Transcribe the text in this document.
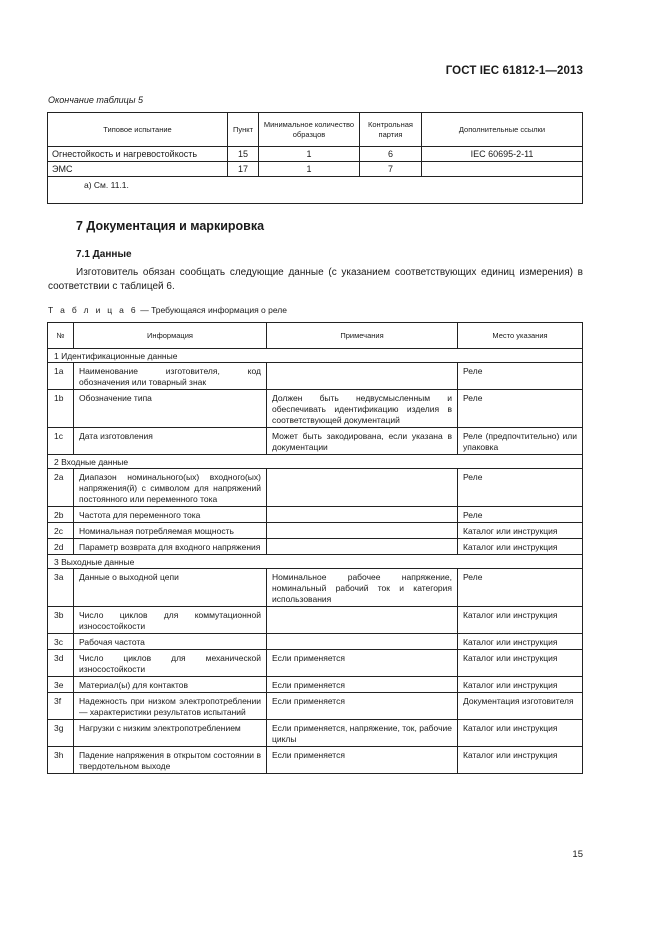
ГОСТ IEC 61812-1—2013
Окончание таблицы 5
Типовое испытание	Пункт	Минимальное количество образцов	Контрольная партия	Дополнительные ссылки
Огнестойкость и нагревостойкость	15	1	6	IEC 60695-2-11
ЭМС	17	1	7	
а) См. 11.1.				
7 Документация и маркировка
7.1 Данные
Изготовитель обязан сообщать следующие данные (с указанием соответствующих единиц измерения) в соответствии с таблицей 6.
Т а б л и ц а 6 — Требующаяся информация о реле
№	Информация	Примечания	Место указания
1 Идентификационные данные			
1a	Наименование изготовителя, код обозначения или товарный знак		Реле
1b	Обозначение типа	Должен быть недвусмысленным и обеспечивать идентификацию изделия в соответствующей документаций	Реле
1c	Дата изготовления	Может быть закодирована, если указана в документации	Реле (предпочтительно) или упаковка
2 Входные данные			
2a	Диапазон номинального(ых) входного(ых) напряжения(й) с символом для напряжений постоянного или переменного тока		Реле
2b	Частота для переменного тока		Реле
2c	Номинальная потребляемая мощность		Каталог или инструкция
2d	Параметр возврата для входного напряжения		Каталог или инструкция
3 Выходные данные			
3a	Данные о выходной цепи	Номинальное рабочее напряжение, номинальный рабочий ток и категория использования	Реле
3b	Число циклов для коммутационной износостойкости		Каталог или инструкция
3c	Рабочая частота		Каталог или инструкция
3d	Число циклов для механической износостойкости	Если применяется	Каталог или инструкция
3e	Материал(ы) для контактов	Если применяется	Каталог или инструкция
3f	Надежность при низком электропотреблении — характеристики результатов испытаний	Если применяется	Документация изготовителя
3g	Нагрузки с низким электропотреблением	Если применяется, напряжение, ток, рабочие циклы	Каталог или инструкция
3h	Падение напряжения в открытом состоянии в твердотельном выходе	Если применяется	Каталог или инструкция
15
